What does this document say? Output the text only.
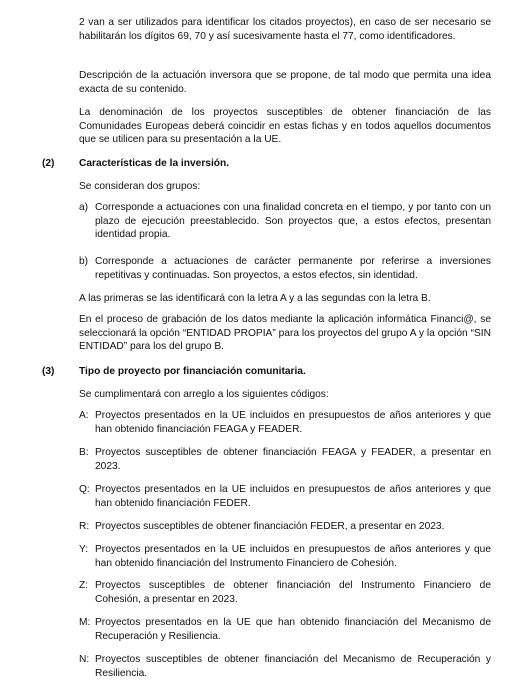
2 van a ser utilizados para identificar los citados proyectos), en caso de ser necesario se habilitarán los dígitos 69, 70 y así sucesivamente hasta el 77, como identificadores.
Descripción de la actuación inversora que se propone, de tal modo que permita una idea exacta de su contenido.
La denominación de los proyectos susceptibles de obtener financiación de las Comunidades Europeas deberá coincidir en estas fichas y en todos aquellos documentos que se utilicen para su presentación a la UE.
(2) Características de la inversión.
Se consideran dos grupos:
a) Corresponde a actuaciones con una finalidad concreta en el tiempo, y por tanto con un plazo de ejecución preestablecido. Son proyectos que, a estos efectos, presentan identidad propia.
b) Corresponde a actuaciones de carácter permanente por referirse a inversiones repetitivas y continuadas. Son proyectos, a estos efectos, sin identidad.
A las primeras se las identificará con la letra A y a las segundas con la letra B.
En el proceso de grabación de los datos mediante la aplicación informática Financi@, se seleccionará la opción “ENTIDAD PROPIA” para los proyectos del grupo A y la opción “SIN ENTIDAD” para los del grupo B.
(3) Tipo de proyecto por financiación comunitaria.
Se cumplimentará con arreglo a los siguientes códigos:
A: Proyectos presentados en la UE incluidos en presupuestos de años anteriores y que han obtenido financiación FEAGA y FEADER.
B: Proyectos susceptibles de obtener financiación FEAGA y FEADER, a presentar en 2023.
Q: Proyectos presentados en la UE incluidos en presupuestos de años anteriores y que han obtenido financiación FEDER.
R: Proyectos susceptibles de obtener financiación FEDER, a presentar en 2023.
Y: Proyectos presentados en la UE incluidos en presupuestos de años anteriores y que han obtenido financiación del Instrumento Financiero de Cohesión.
Z: Proyectos susceptibles de obtener financiación del Instrumento Financiero de Cohesión, a presentar en 2023.
M: Proyectos presentados en la UE que han obtenido financiación del Mecanismo de Recuperación y Resiliencia.
N: Proyectos susceptibles de obtener financiación del Mecanismo de Recuperación y Resiliencia.
